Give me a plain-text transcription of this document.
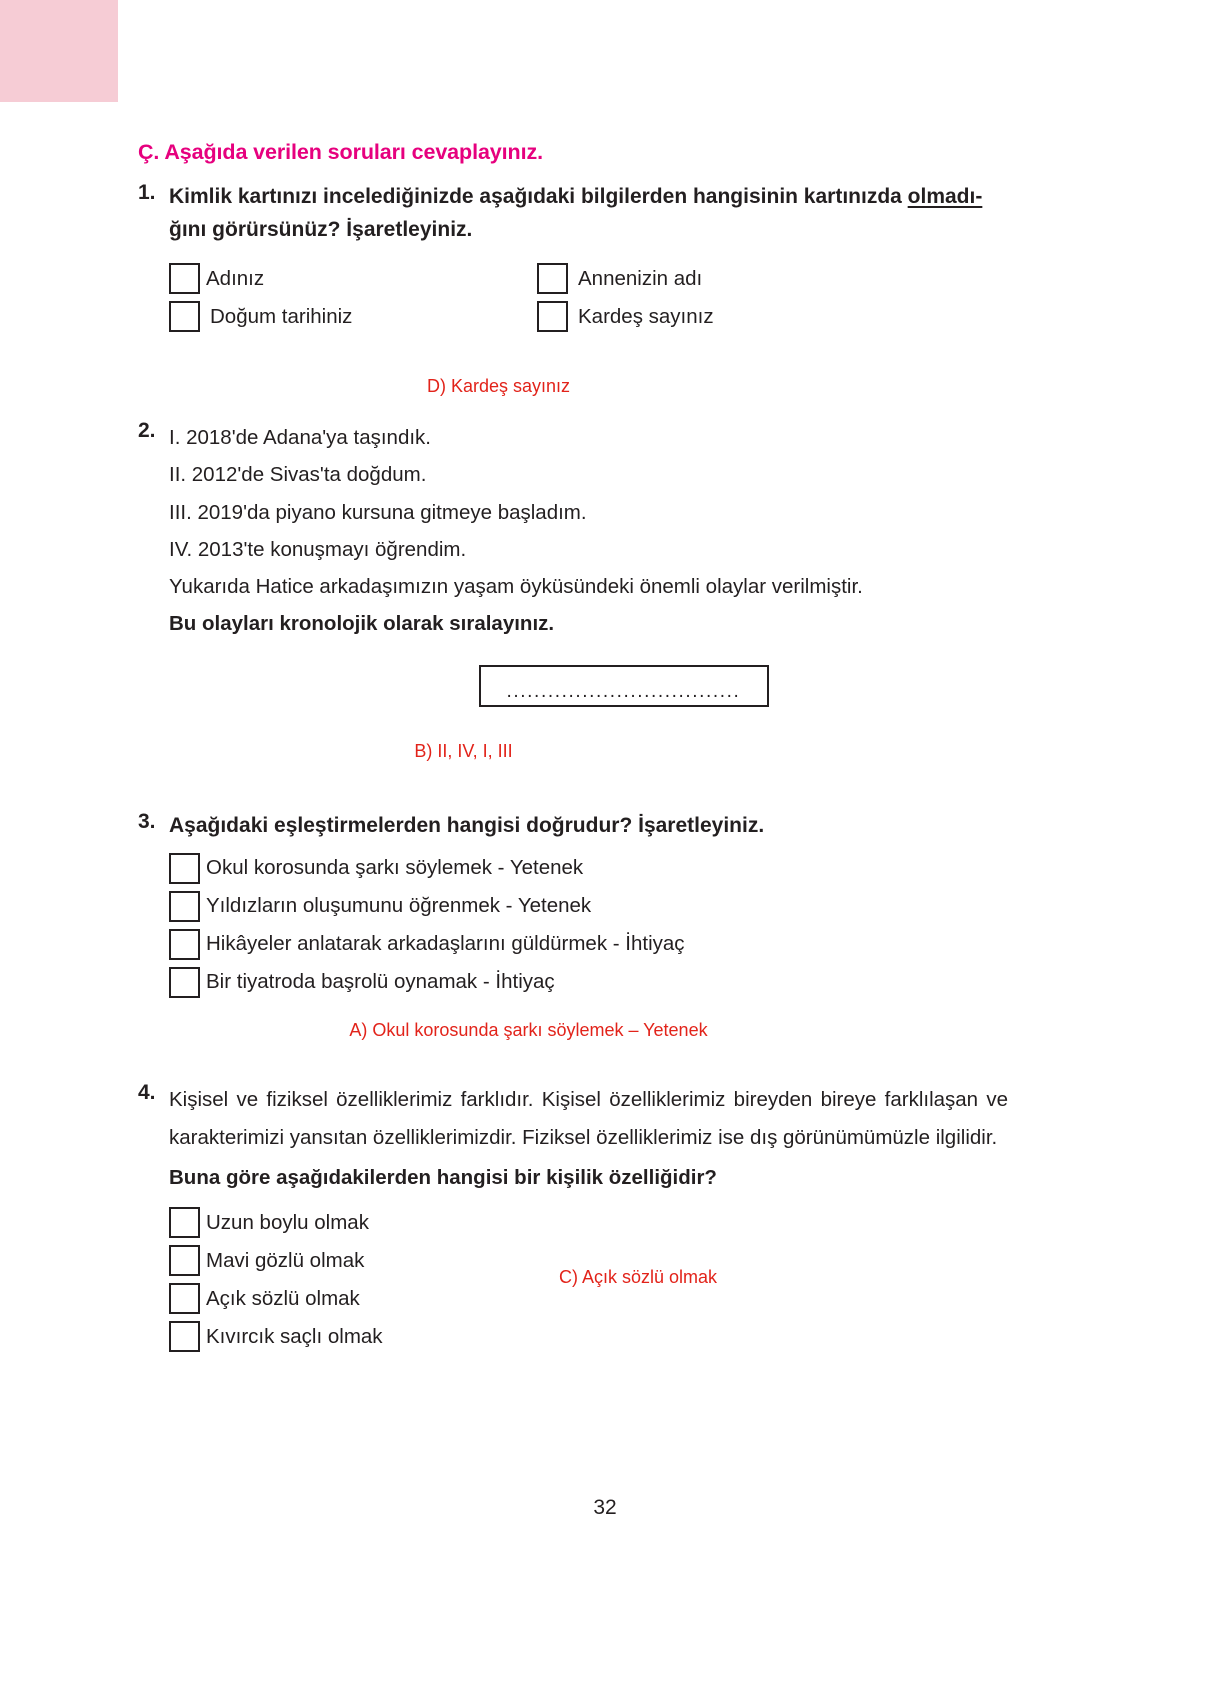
Ç. Aşağıda verilen soruları cevaplayınız.
1. Kimlik kartınızı incelediğinizde aşağıdaki bilgilerden hangisinin kartınızda olmadı-
ğını görürsünüz? İşaretleyiniz.

Adınız
Doğum tarihiniz
Annenizin adı
Kardeş sayınız
D) Kardeş sayınız
2. I. 2018'de Adana'ya taşındık.
II. 2012'de Sivas'ta doğdum.
III. 2019'da piyano kursuna gitmeye başladım.
IV. 2013'te konuşmayı öğrendim.

Yukarıda Hatice arkadaşımızın yaşam öyküsündeki önemli olaylar verilmiştir.

Bu olayları kronolojik olarak sıralayınız.

..................................
B) II, IV, I, III
3. Aşağıdaki eşleştirmelerden hangisi doğrudur? İşaretleyiniz.

Okul korosunda şarkı söylemek - Yetenek
Yıldızların oluşumunu öğrenmek - Yetenek
Hikâyeler anlatarak arkadaşlarını güldürmek - İhtiyaç
Bir tiyatroda başrolü oynamak - İhtiyaç
A) Okul korosunda şarkı söylemek – Yetenek
4. Kişisel ve fiziksel özelliklerimiz farklıdır. Kişisel özelliklerimiz bireyden bireye farklılaşan ve karakterimizi yansıtan özelliklerimizdir. Fiziksel özelliklerimiz ise dış görünümümüzle ilgilidir.

Buna göre aşağıdakilerden hangisi bir kişilik özelliğidir?

Uzun boylu olmak
Mavi gözlü olmak
Açık sözlü olmak
Kıvırcık saçlı olmak
C) Açık sözlü olmak
32
